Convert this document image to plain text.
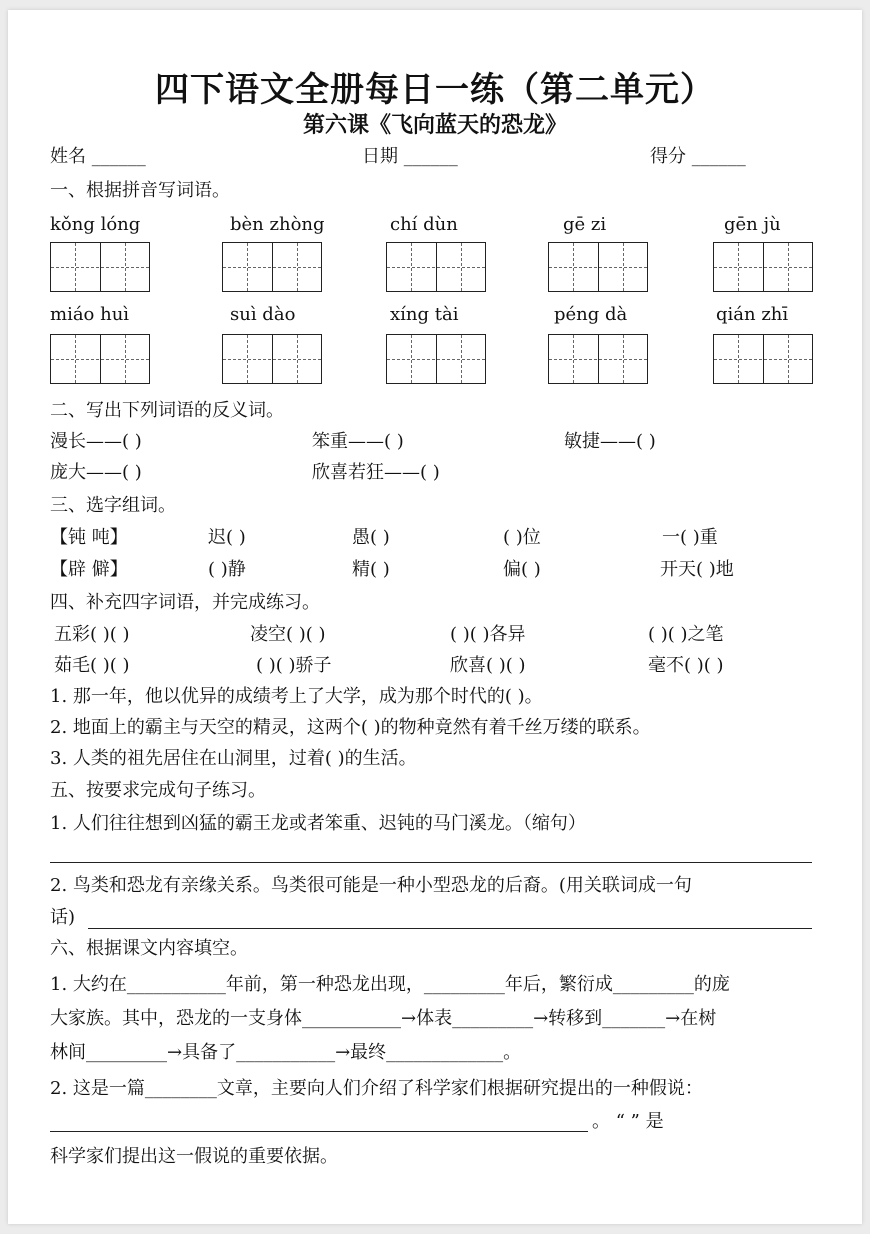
四下语文全册每日一练（第二单元）
第六课《飞向蓝天的恐龙》
姓名 ______	日期 ______	得分 ______
一、根据拼音写词语。
kǒng lóng	bèn zhòng	chí dùn	gē zi	gēn jù
miáo huì	suì dào	xíng tài	péng dà	qián zhī
二、写出下列词语的反义词。
漫长——( )	笨重——( )	敏捷——( )
庞大——( )	欣喜若狂——( )
三、选字组词。
【钝 吨】	迟( )	愚( )	( )位	一( )重
【辟 僻】	( )静	精( )	偏( )	开天( )地
四、补充四字词语，并完成练习。
五彩( )( )	凌空( )( )	( )( )各异	( )( )之笔
茹毛( )( )	( )( )骄子	欣喜( )( )	毫不( )( )
1. 那一年，他以优异的成绩考上了大学，成为那个时代的( )。
2. 地面上的霸主与天空的精灵，这两个( )的物种竟然有着千丝万缕的联系。
3. 人类的祖先居住在山洞里，过着( )的生活。
五、按要求完成句子练习。
1. 人们往往想到凶猛的霸王龙或者笨重、迟钝的马门溪龙。（缩句）
2. 鸟类和恐龙有亲缘关系。鸟类很可能是一种小型恐龙的后裔。(用关联词成一句
话)
六、根据课文内容填空。
1. 大约在___________年前，第一种恐龙出现，_________年后，繁衍成_________的庞
大家族。其中，恐龙的一支身体___________→体表_________→转移到_______→在树
林间_________→具备了___________→最终_____________。
2. 这是一篇________文章，主要向人们介绍了科学家们根据研究提出的一种假说：
。 “ ” 是
科学家们提出这一假说的重要依据。
